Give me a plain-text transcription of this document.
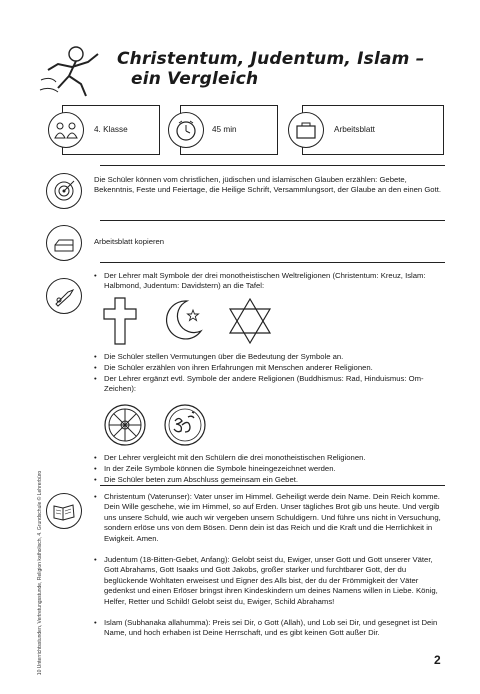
Christentum, Judentum, Islam –
ein Vergleich
4. Klasse	45 min	Arbeitsblatt
Die Schüler können vom christlichen, jüdischen und islamischen Glauben erzählen: Gebete, Bekenntnis, Feste und Feiertage, die Heilige Schrift, Versammlungsort, der Glaube an den einen Gott.
Arbeitsblatt kopieren
• Der Lehrer malt Symbole der drei monotheistischen Weltreligionen (Christentum: Kreuz, Islam: Halbmond, Judentum: Davidstern) an die Tafel:
• Die Schüler stellen Vermutungen über die Bedeutung der Symbole an.
• Die Schüler erzählen von ihren Erfahrungen mit Menschen anderer Religionen.
• Der Lehrer ergänzt evtl. Symbole der andere Religionen (Buddhismus: Rad, Hinduismus: Om-Zeichen):
• Der Lehrer vergleicht mit den Schülern die drei monotheistischen Religionen.
• In der Zeile Symbole können die Symbole hineingezeichnet werden.
• Die Schüler beten zum Abschluss gemeinsam ein Gebet.
• Christentum (Vaterunser): Vater unser im Himmel. Geheiligt werde dein Name. Dein Reich komme. Dein Wille geschehe, wie im Himmel, so auf Erden. Unser tägliches Brot gib uns heute. Und vergib uns unsere Schuld, wie auch wir vergeben unsern Schuldigern. Und führe uns nicht in Versuchung, sondern erlöse uns von dem Bösen. Denn dein ist das Reich und die Kraft und die Herrlichkeit in Ewigkeit. Amen.
• Judentum (18-Bitten-Gebet, Anfang): Gelobt seist du, Ewiger, unser Gott und Gott unserer Väter, Gott Abrahams, Gott Isaaks und Gott Jakobs, großer starker und furchtbarer Gott, der du beglückende Wohltaten erweisest und Eigner des Alls bist, der du der Frömmigkeit der Väter gedenkst und einen Erlöser bringst ihren Kindeskindern um deines Namens willen in Liebe. König, Helfer, Retter und Schild! Gelobt seist du, Ewiger, Schild Abrahams!
• Islam (Subhanaka allahumma): Preis sei Dir, o Gott (Allah), und Lob sei Dir, und gesegnet ist Dein Name, und hoch erhaben ist Deine Herrschaft, und es gibt keinen Gott außer Dir.
10 Unterrichtsstunden, Vertretungsstunde, Religion katholisch, 4. Grundschule © Lehrerbüro	2
